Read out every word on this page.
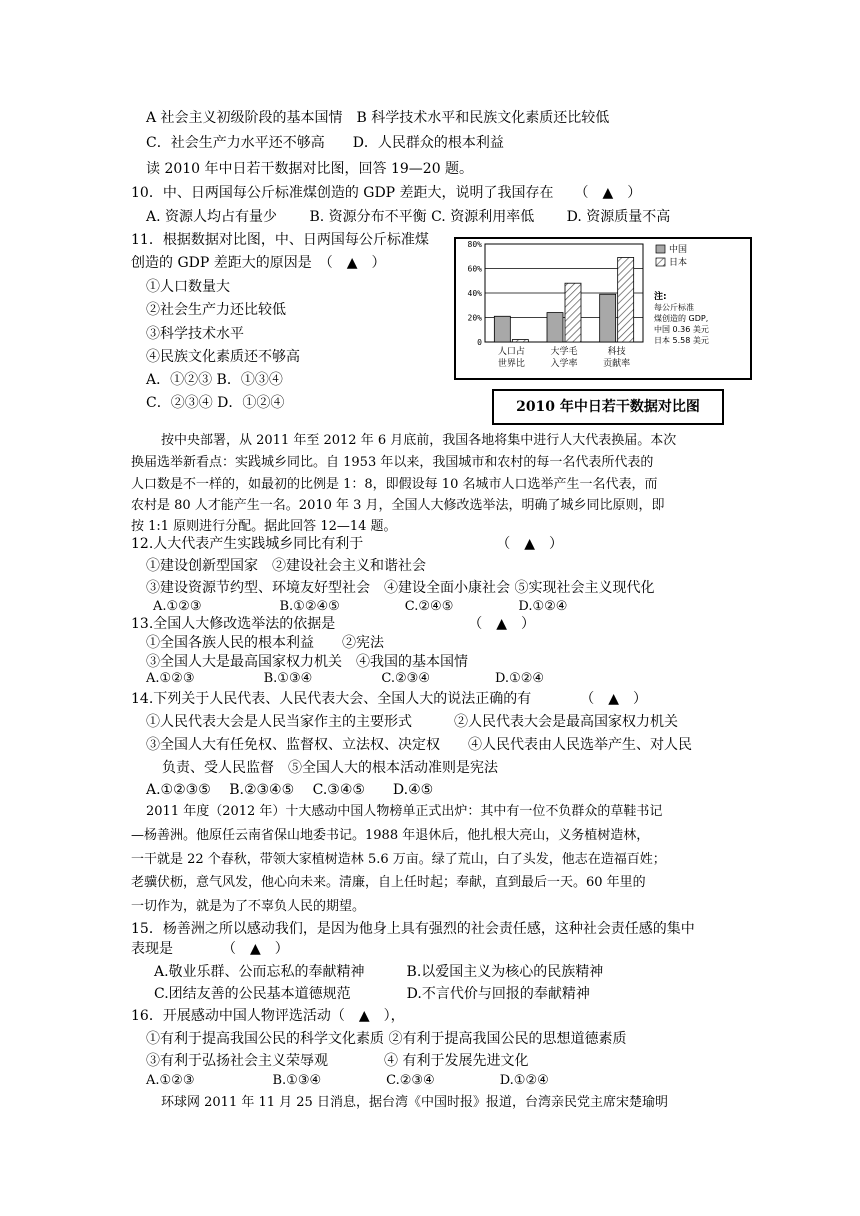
A 社会主义初级阶段的基本国情　B 科学技术水平和民族文化素质还比较低
C．社会生产力水平还不够高　　D．人民群众的根本利益
读 2010 年中日若干数据对比图，回答 19—20 题。
10．中、日两国每公斤标准煤创造的 GDP 差距大，说明了我国存在　　（　▲　）
A. 资源人均占有量少　　 B. 资源分布不平衡 C. 资源利用率低　　 D. 资源质量不高
11．根据数据对比图，中、日两国每公斤标准煤
创造的 GDP 差距大的原因是　（　▲　）
①人口数量大
②社会生产力还比较低
③科学技术水平
④民族文化素质还不够高
A．①②③ B．①③④
C．②③④ D．①②④
按中央部署，从 2011 年至 2012 年 6 月底前，我国各地将集中进行人大代表换届。本次
换届选举新看点：实践城乡同比。自 1953 年以来，我国城市和农村的每一名代表所代表的
人口数是不一样的，如最初的比例是 1：8，即假设每 10 名城市人口选举产生一名代表，而
农村是 80 人才能产生一名。2010 年 3 月，全国人大修改选举法，明确了城乡同比原则，即
按 1:1 原则进行分配。据此回答 12—14 题。
12.人大代表产生实践城乡同比有利于　　　　　　　　　　（　▲　）
①建设创新型国家　②建设社会主义和谐社会
③建设资源节约型、环境友好型社会　④建设全面小康社会 ⑤实现社会主义现代化
A.①②③　　　　　　B.①②④⑤　　　　　C.②④⑤　　　　　D.①②④
13.全国人大修改选举法的依据是　　　　　　　　　　（　▲　）
①全国各族人民的根本利益　　②宪法
③全国人大是最高国家权力机关　④我国的基本国情
A.①②③　　　　　 B.①③④　　　　　 C.②③④　　　　　D.①②④
14.下列关于人民代表、人民代表大会、全国人大的说法正确的有　　　　（　▲　）
①人民代表大会是人民当家作主的主要形式　　　②人民代表大会是最高国家权力机关
③全国人大有任免权、监督权、立法权、决定权　　④人民代表由人民选举产生、对人民
负责、受人民监督　⑤全国人大的根本活动准则是宪法
A.①②③⑤　 B.②③④⑤　 C.③④⑤　　D.④⑤
2011 年度（2012 年）十大感动中国人物榜单正式出炉：其中有一位不负群众的草鞋书记
—杨善洲。他原任云南省保山地委书记。1988 年退休后，他扎根大亮山，义务植树造林，
一干就是 22 个春秋，带领大家植树造林 5.6 万亩。绿了荒山，白了头发，他志在造福百姓；
老骥伏枥，意气风发，他心向未来。清廉，自上任时起；奉献，直到最后一天。60 年里的
一切作为，就是为了不辜负人民的期望。
15．杨善洲之所以感动我们，是因为他身上具有强烈的社会责任感，这种社会责任感的集中
表现是　　　　（　▲　）
A.敬业乐群、公而忘私的奉献精神　　　B.以爱国主义为核心的民族精神
C.团结友善的公民基本道德规范　　　　D.不言代价与回报的奉献精神
16．开展感动中国人物评选活动（　▲　），
①有利于提高我国公民的科学文化素质 ②有利于提高我国公民的思想道德素质
③有利于弘扬社会主义荣辱观　　　　④ 有利于发展先进文化
A.①②③　　　　　　B.①③④　　　　　C.②③④　　　　　D.①②④
环球网 2011 年 11 月 25 日消息，据台湾《中国时报》报道，台湾亲民党主席宋楚瑜明
80%
60%
40%
20%
0
人口占
世界比
大学毛
入学率
科技
贡献率
中国
日本
注:
每公斤标准
煤创造的 GDP,
中国 0.36 美元
日本 5.58 美元
2010 年中日若干数据对比图
